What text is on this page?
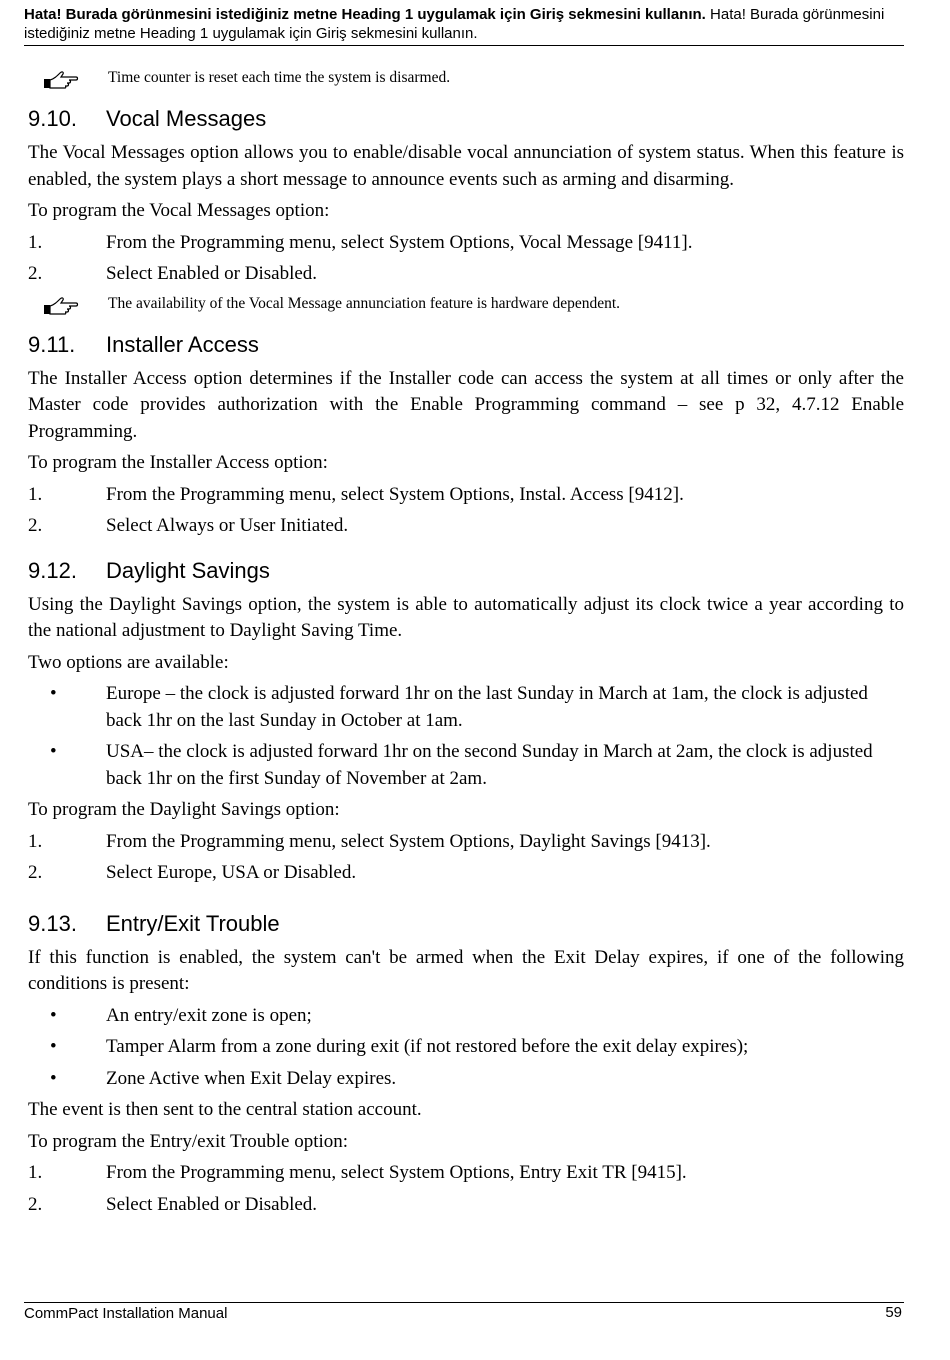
Hata! Burada görünmesini istediğiniz metne Heading 1 uygulamak için Giriş sekmesini kullanın. Hata! Burada görünmesini istediğiniz metne Heading 1 uygulamak için Giriş sekmesini kullanın.
Time counter is reset each time the system is disarmed.
9.10. Vocal Messages

The Vocal Messages option allows you to enable/disable vocal annunciation of system status. When this feature is enabled, the system plays a short message to announce events such as arming and disarming.

To program the Vocal Messages option:

1.	From the Programming menu, select System Options, Vocal Message [9411].
2.	Select Enabled or Disabled.
The availability of the Vocal Message annunciation feature is hardware dependent.
9.11. Installer Access

The Installer Access option determines if the Installer code can access the system at all times or only after the Master code provides authorization with the Enable Programming command – see p 32, 4.7.12 Enable Programming.

To program the Installer Access option:

1.	From the Programming menu, select System Options, Instal. Access [9412].
2.	Select Always or User Initiated.
9.12. Daylight Savings

Using the Daylight Savings option, the system is able to automatically adjust its clock twice a year according to the national adjustment to Daylight Saving Time.

Two options are available:

•	Europe – the clock is adjusted forward 1hr on the last Sunday in March at 1am, the clock is adjusted back 1hr on the last Sunday in October at 1am.
•	USA– the clock is adjusted forward 1hr on the second Sunday in March at 2am, the clock is adjusted back 1hr on the first Sunday of November at 2am.

To program the Daylight Savings option:

1.	From the Programming menu, select System Options, Daylight Savings [9413].
2.	Select Europe, USA or Disabled.
9.13. Entry/Exit Trouble

If this function is enabled, the system can't be armed when the Exit Delay expires, if one of the following conditions is present:

•	An entry/exit zone is open;
•	Tamper Alarm from a zone during exit (if not restored before the exit delay expires);
•	Zone Active when Exit Delay expires.

The event is then sent to the central station account.

To program the Entry/exit Trouble option:

1.	From the Programming menu, select System Options, Entry Exit TR [9415].
2.	Select Enabled or Disabled.
CommPact Installation Manual	59
